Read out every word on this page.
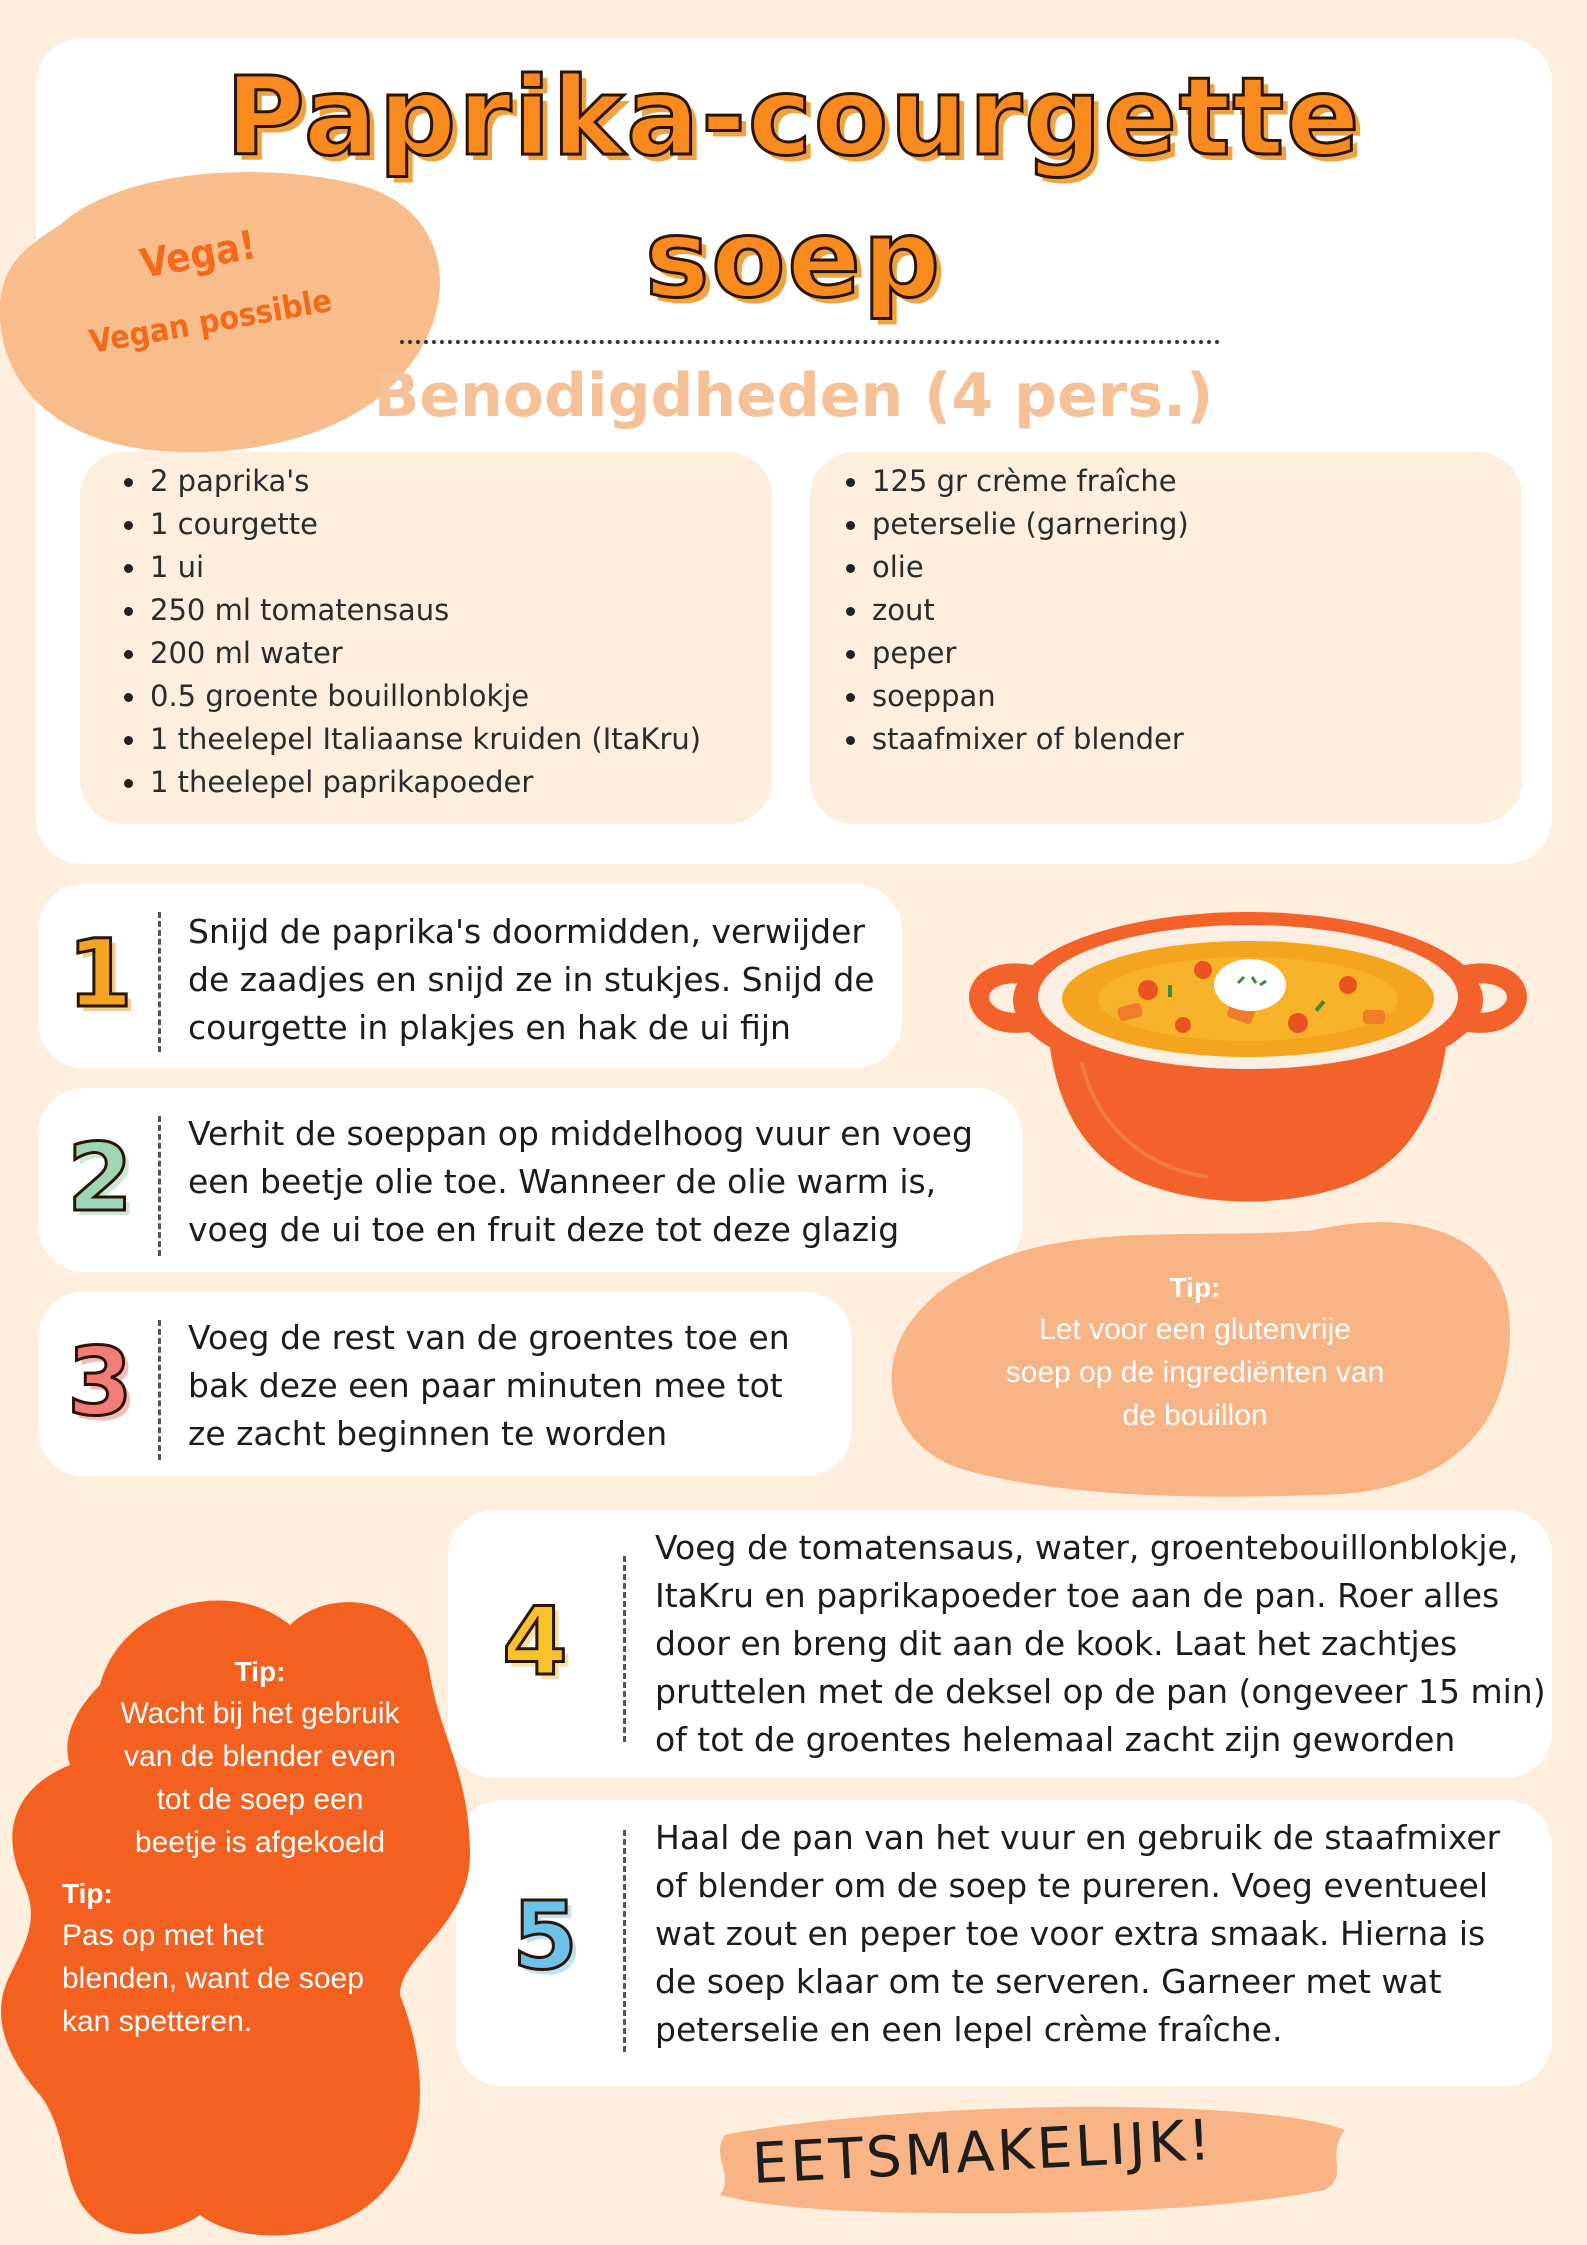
Vega!
Vegan possible
Paprika-courgette
soep
Benodigdheden (4 pers.)
2 paprika's
1 courgette
1 ui
250 ml tomatensaus
200 ml water
0.5 groente bouillonblokje
1 theelepel Italiaanse kruiden (ItaKru)
1 theelepel paprikapoeder
125 gr crème fraîche
peterselie (garnering)
olie
zout
peper
soeppan
staafmixer of blender
1	Snijd de paprika's doormidden, verwijder
de zaadjes en snijd ze in stukjes. Snijd de
courgette in plakjes en hak de ui fijn
2	Verhit de soeppan op middelhoog vuur en voeg
een beetje olie toe. Wanneer de olie warm is,
voeg de ui toe en fruit deze tot deze glazig
Tip:
Let voor een glutenvrije
soep op de ingrediënten van
de bouillon
3	Voeg de rest van de groentes toe en
bak deze een paar minuten mee tot
ze zacht beginnen te worden
4
Voeg de tomatensaus, water, groentebouillonblokje,
ItaKru en paprikapoeder toe aan de pan. Roer alles
door en breng dit aan de kook. Laat het zachtjes
pruttelen met de deksel op de pan (ongeveer 15 min)
of tot de groentes helemaal zacht zijn geworden
5
Haal de pan van het vuur en gebruik de staafmixer
of blender om de soep te pureren. Voeg eventueel
wat zout en peper toe voor extra smaak. Hierna is
de soep klaar om te serveren. Garneer met wat
peterselie en een lepel crème fraîche.
Tip:
Wacht bij het gebruik
van de blender even
tot de soep een
beetje is afgekoeld
Tip:
Pas op met het
blenden, want de soep
kan spetteren.
EETSMAKELIJK!
